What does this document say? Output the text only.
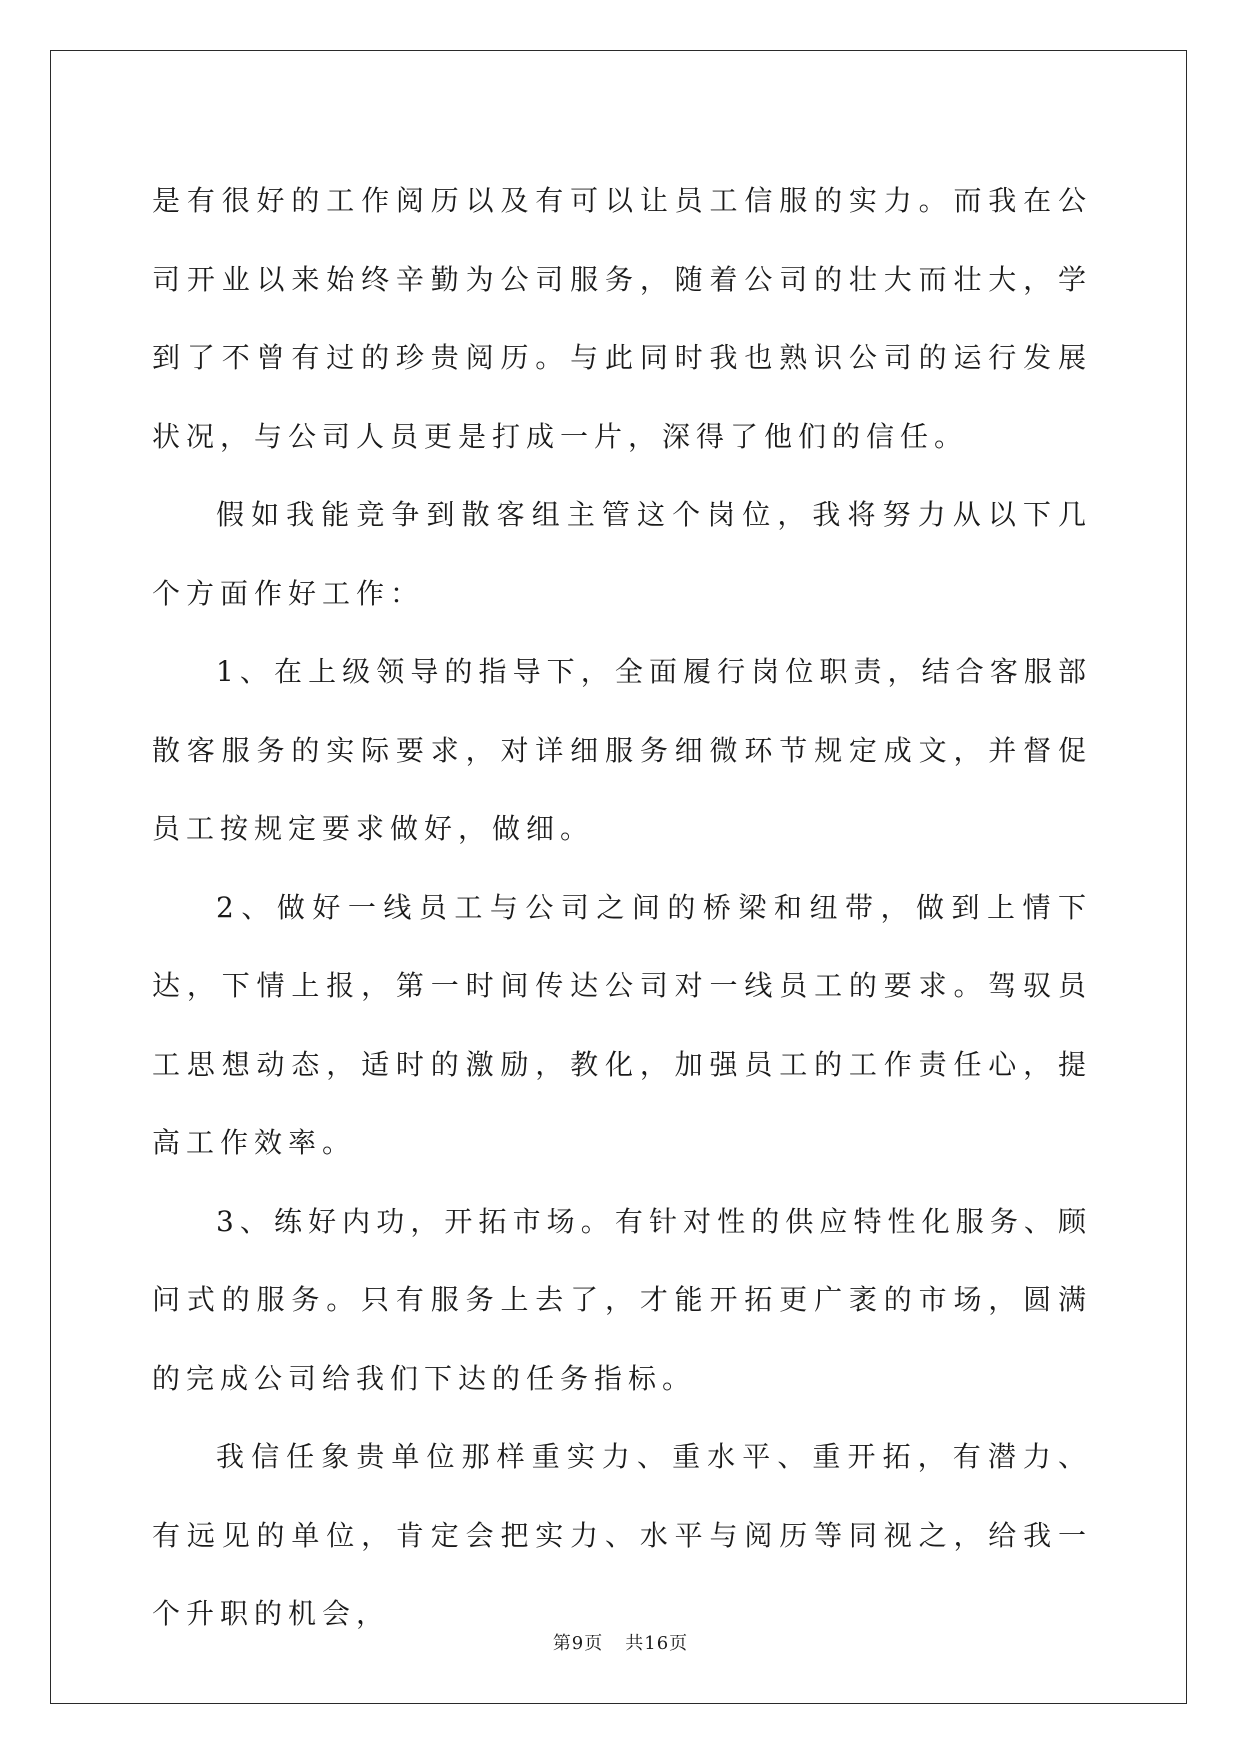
是有很好的工作阅历以及有可以让员工信服的实力。而我在公司开业以来始终辛勤为公司服务，随着公司的壮大而壮大，学到了不曾有过的珍贵阅历。与此同时我也熟识公司的运行发展状况，与公司人员更是打成一片，深得了他们的信任。

假如我能竞争到散客组主管这个岗位，我将努力从以下几个方面作好工作：

1、在上级领导的指导下，全面履行岗位职责，结合客服部散客服务的实际要求，对详细服务细微环节规定成文，并督促员工按规定要求做好，做细。

2、做好一线员工与公司之间的桥梁和纽带，做到上情下达，下情上报，第一时间传达公司对一线员工的要求。驾驭员工思想动态，适时的激励，教化，加强员工的工作责任心，提高工作效率。

3、练好内功，开拓市场。有针对性的供应特性化服务、顾问式的服务。只有服务上去了，才能开拓更广袤的市场，圆满的完成公司给我们下达的任务指标。

我信任象贵单位那样重实力、重水平、重开拓，有潜力、有远见的单位，肯定会把实力、水平与阅历等同视之，给我一个升职的机会，

第9页 共16页
